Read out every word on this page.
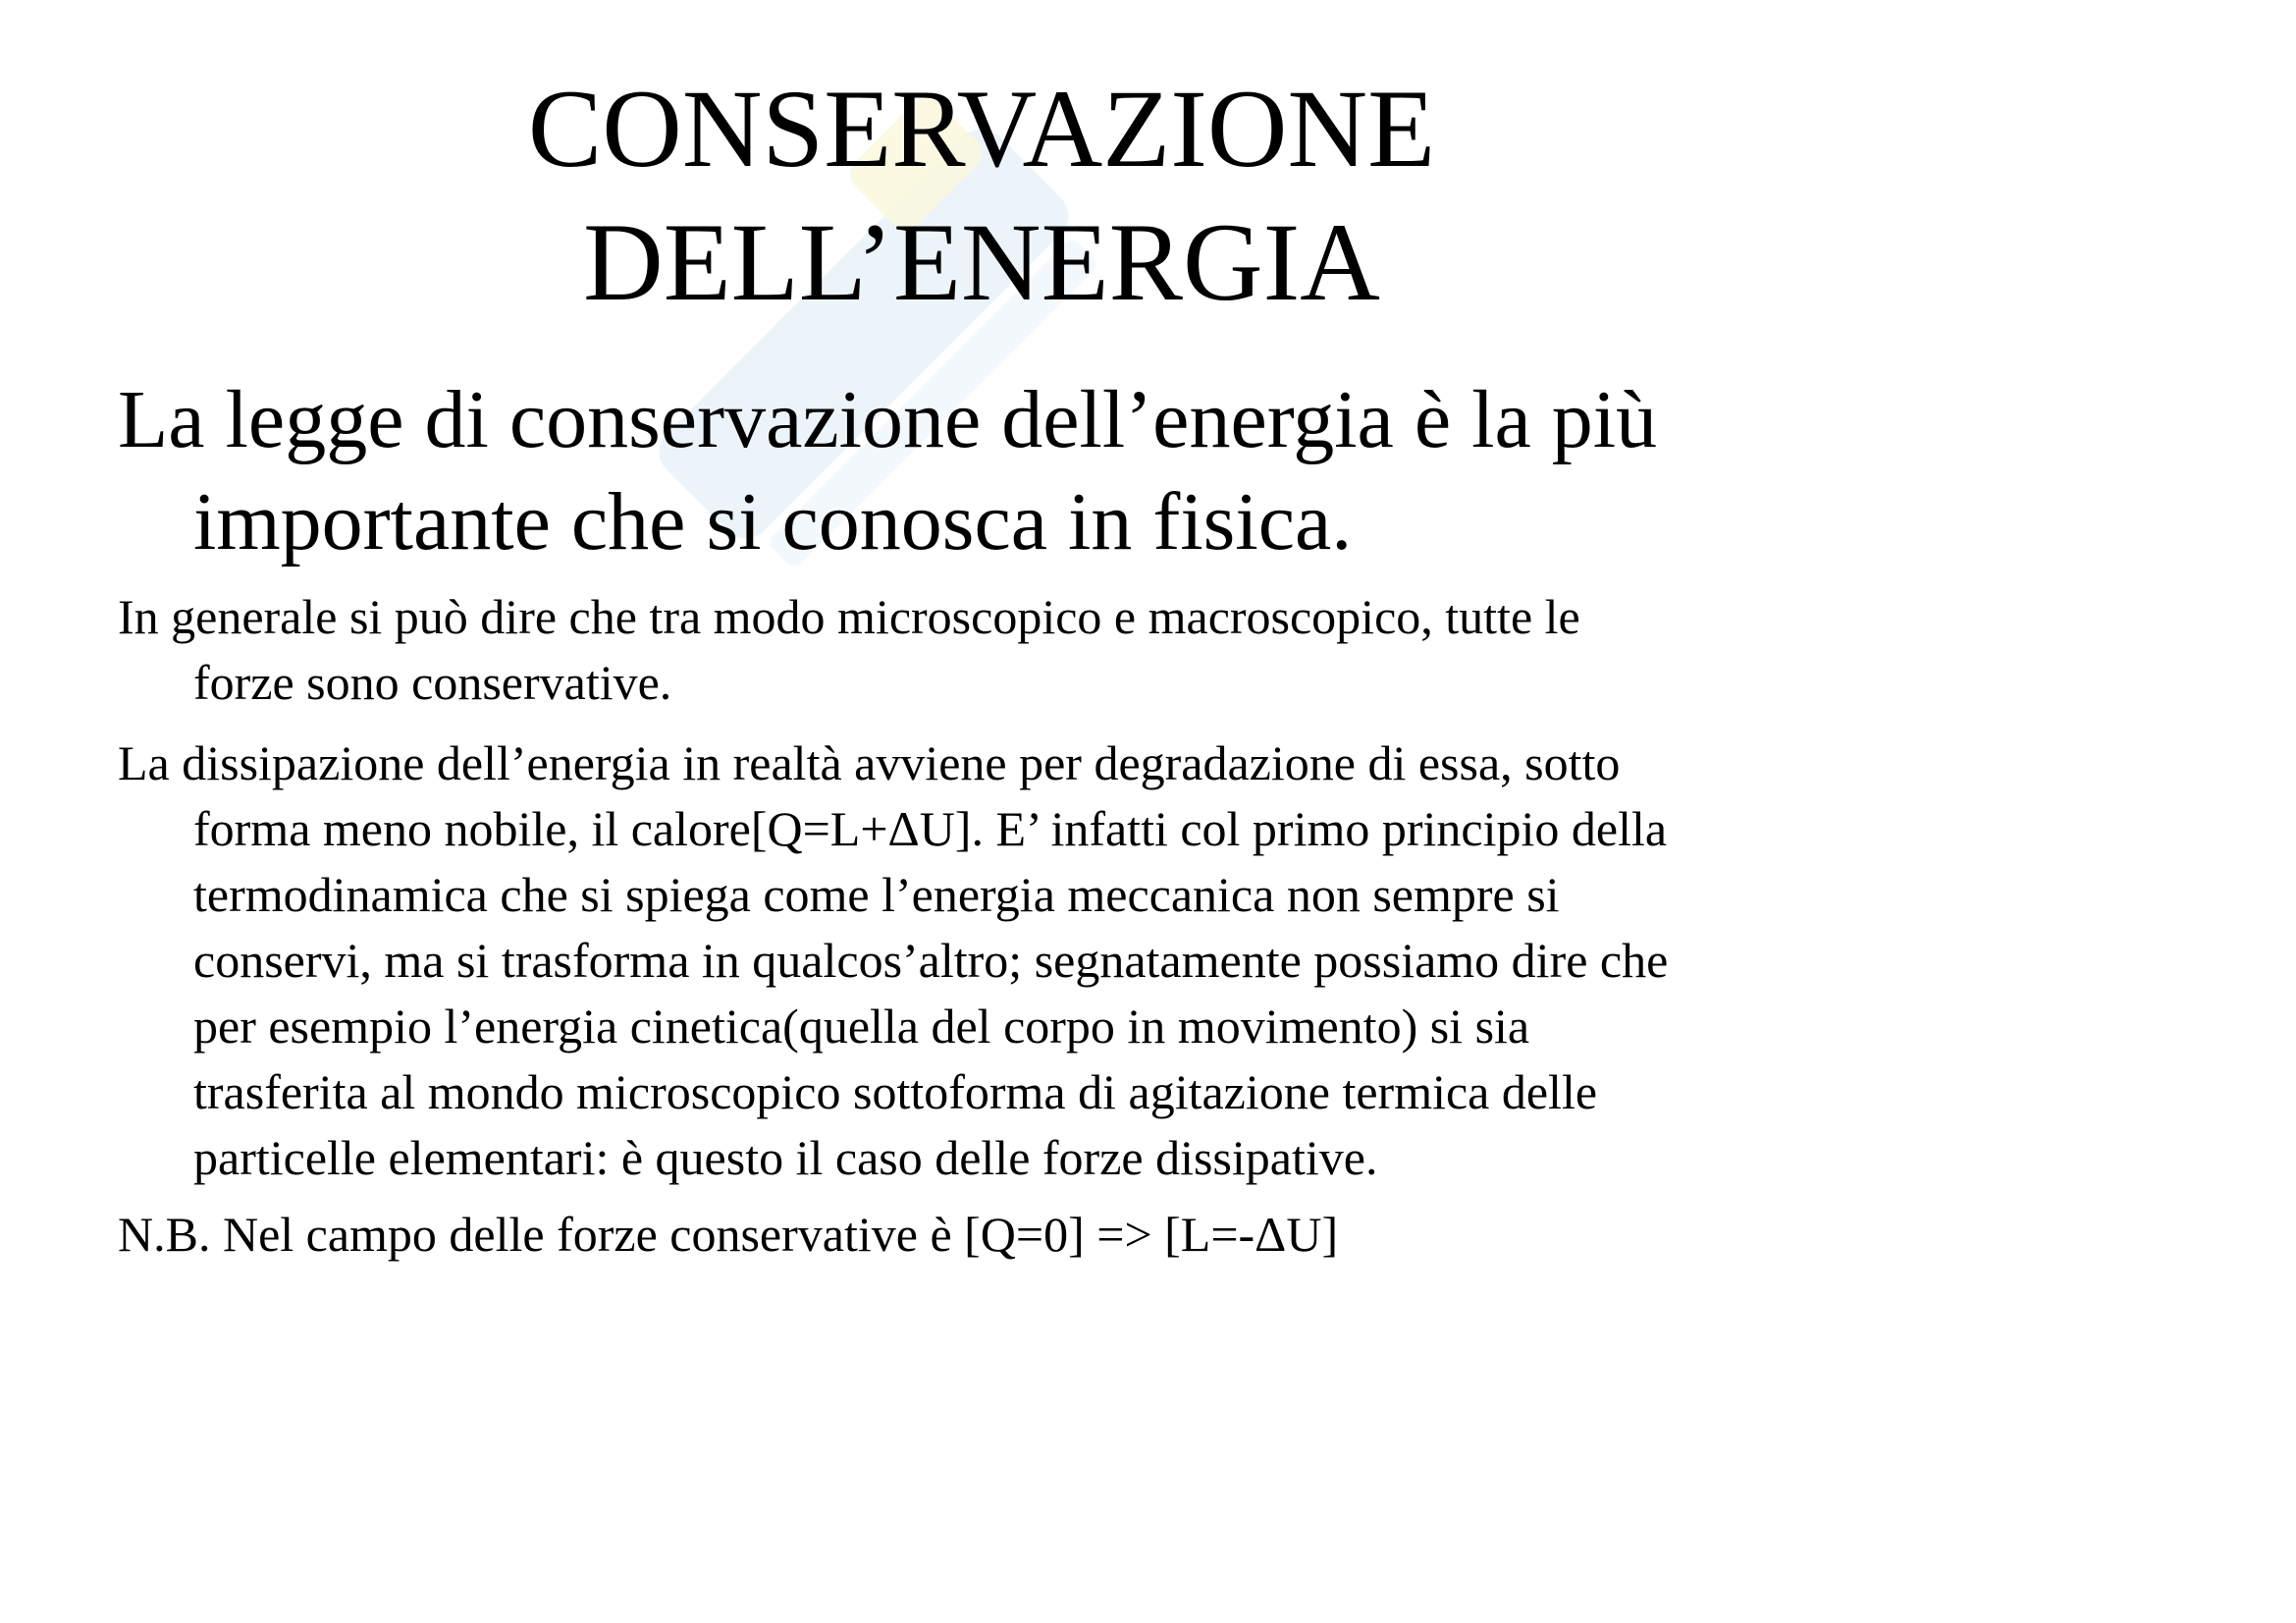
CONSERVAZIONE
DELL’ENERGIA
La legge di conservazione dell’energia è la più
importante che si conosca in fisica.
In generale si può dire che tra modo microscopico e macroscopico, tutte le
forze sono conservative.
La dissipazione dell’energia in realtà avviene per degradazione di essa, sotto
forma meno nobile, il calore[Q=L+ΔU]. E’ infatti col primo principio della
termodinamica che si spiega come l’energia meccanica non sempre si
conservi, ma si trasforma in qualcos’altro; segnatamente possiamo dire che
per esempio l’energia cinetica(quella del corpo in movimento) si sia
trasferita al mondo microscopico sottoforma di agitazione termica delle
particelle elementari: è questo il caso delle forze dissipative.
N.B. Nel campo delle forze conservative è [Q=0] => [L=-ΔU]
